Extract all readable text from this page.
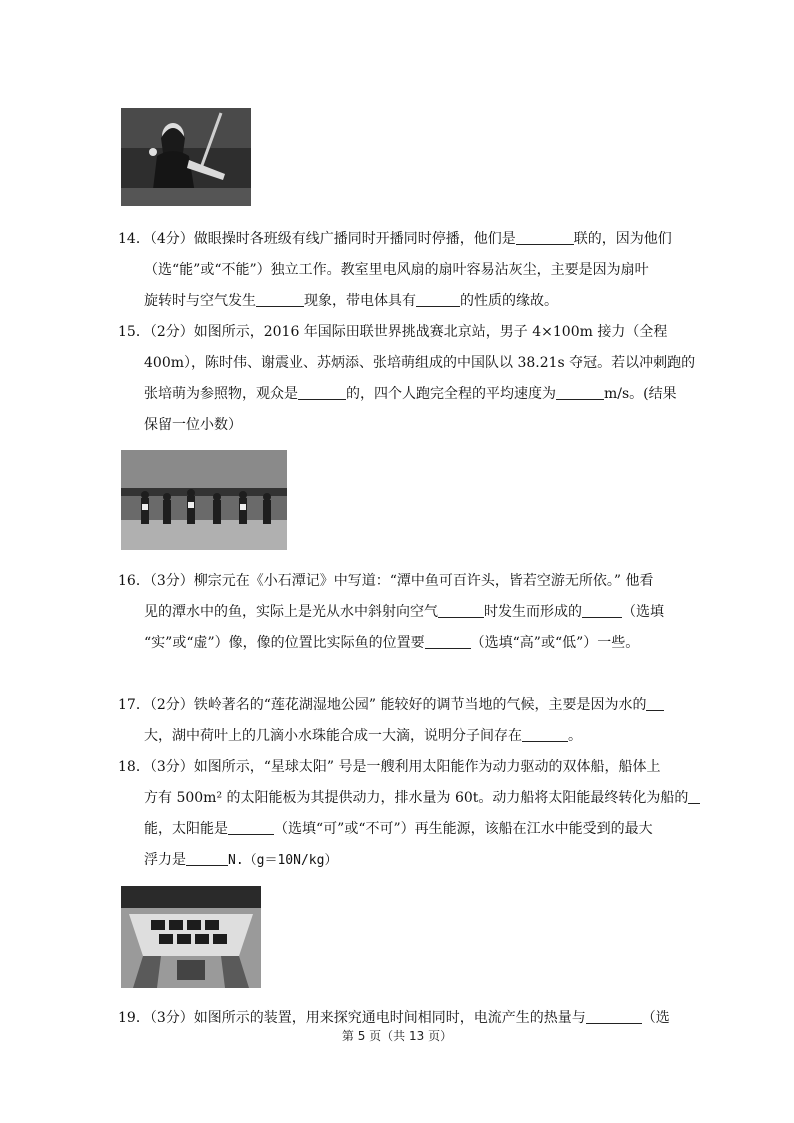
14．（4分）做眼操时各班级有线广播同时开播同时停播，他们是	联的，因为他们
（选“能”或“不能”）独立工作。教室里电风扇的扇叶容易沾灰尘，主要是因为扇叶
旋转时与空气发生	现象，带电体具有	的性质的缘故。
15．（2分）如图所示，2016 年国际田联世界挑战赛北京站，男子 4×100m 接力（全程
400m），陈时伟、谢震业、苏炳添、张培萌组成的中国队以 38.21s 夺冠。若以冲刺跑的
张培萌为参照物，观众是	的，四个人跑完全程的平均速度为	m/s。(结果
保留一位小数）
16．（3分）柳宗元在《小石潭记》中写道：“潭中鱼可百许头，皆若空游无所依。” 他看
见的潭水中的鱼，实际上是光从水中斜射向空气	时发生而形成的	（选填
“实”或“虚”）像，像的位置比实际鱼的位置要	（选填“高”或“低”）一些。
17．（2分）铁岭著名的“莲花湖湿地公园” 能较好的调节当地的气候，主要是因为水的
大，湖中荷叶上的几滴小水珠能合成一大滴，说明分子间存在	。
18．（3分）如图所示，“星球太阳” 号是一艘利用太阳能作为动力驱动的双体船，船体上
方有 500m² 的太阳能板为其提供动力，排水量为 60t。动力船将太阳能最终转化为船的
能，太阳能是	（选填“可”或“不可”）再生能源，该船在江水中能受到的最大
浮力是	N.（g＝10N/kg）
19．（3分）如图所示的装置，用来探究通电时间相同时，电流产生的热量与	（选
第 5 页（共 13 页）
